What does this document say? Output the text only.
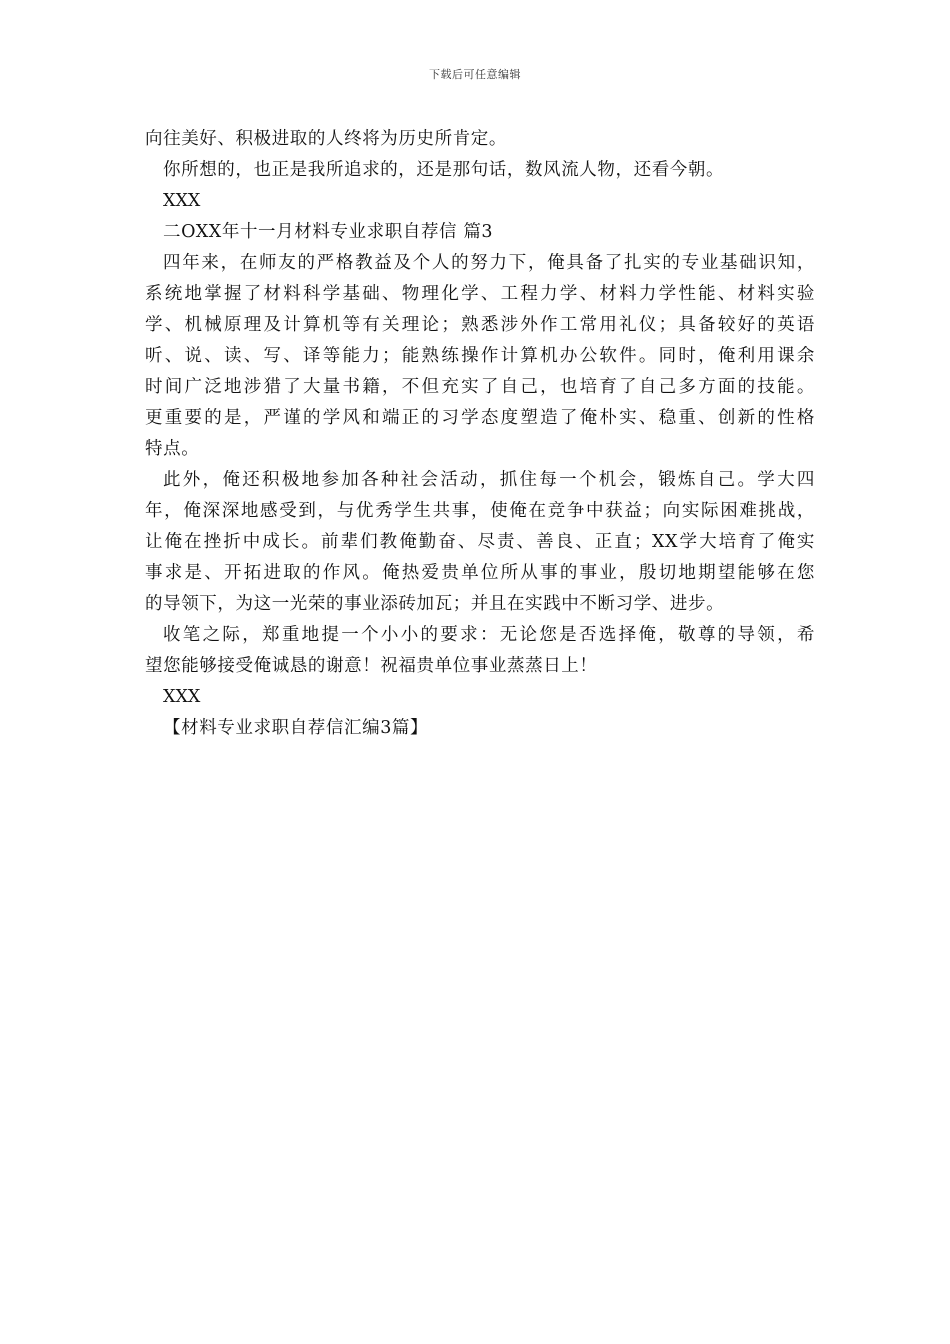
下载后可任意编辑
向往美好、积极进取的人终将为历史所肯定。
你所想的，也正是我所追求的，还是那句话，数风流人物，还看今朝。
XXX
二OXX年十一月材料专业求职自荐信 篇3
四年来，在师友的严格教益及个人的努力下，俺具备了扎实的专业基础识知，
系统地掌握了材料科学基础、物理化学、工程力学、材料力学性能、材料实验
学、机械原理及计算机等有关理论；熟悉涉外作工常用礼仪；具备较好的英语
听、说、读、写、译等能力；能熟练操作计算机办公软件。同时，俺利用课余
时间广泛地涉猎了大量书籍，不但充实了自己，也培育了自己多方面的技能。
更重要的是，严谨的学风和端正的习学态度塑造了俺朴实、稳重、创新的性格
特点。
此外，俺还积极地参加各种社会活动，抓住每一个机会，锻炼自己。学大四
年，俺深深地感受到，与优秀学生共事，使俺在竞争中获益；向实际困难挑战，
让俺在挫折中成长。前辈们教俺勤奋、尽责、善良、正直；XX学大培育了俺实
事求是、开拓进取的作风。俺热爱贵单位所从事的事业，殷切地期望能够在您
的导领下，为这一光荣的事业添砖加瓦；并且在实践中不断习学、进步。
收笔之际，郑重地提一个小小的要求：无论您是否选择俺，敬尊的导领，希
望您能够接受俺诚恳的谢意！祝福贵单位事业蒸蒸日上！
XXX
【材料专业求职自荐信汇编3篇】
